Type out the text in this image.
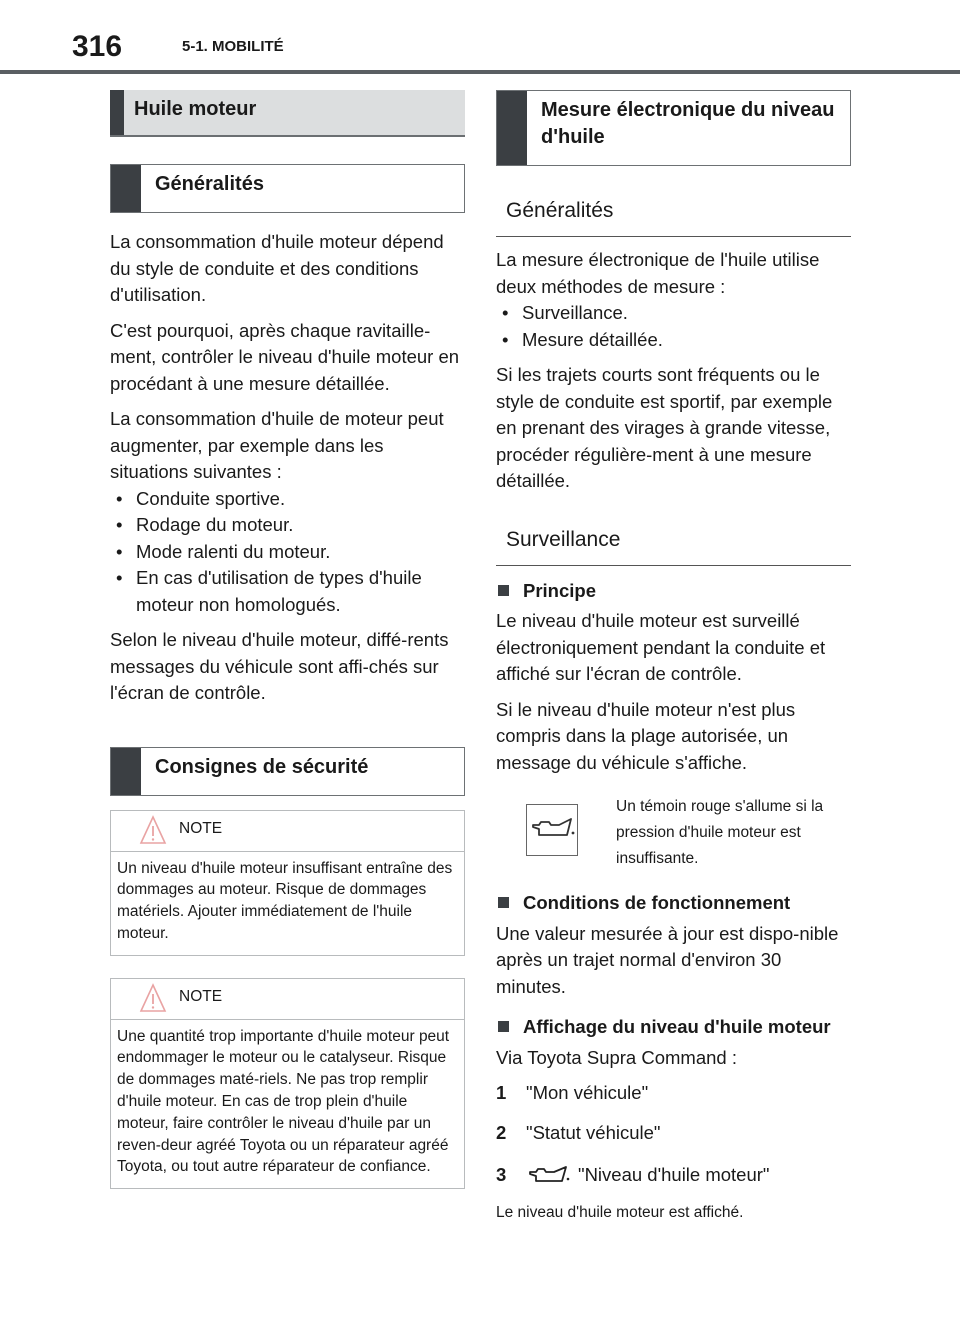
316	5-1. MOBILITÉ
Huile moteur
Généralités

La consommation d'huile moteur dépend du style de conduite et des conditions d'utilisation.

C'est pourquoi, après chaque ravitaille-ment, contrôler le niveau d'huile moteur en procédant à une mesure détaillée.

La consommation d'huile de moteur peut augmenter, par exemple dans les situations suivantes :

• Conduite sportive.
• Rodage du moteur.
• Mode ralenti du moteur.
• En cas d'utilisation de types d'huile moteur non homologués.

Selon le niveau d'huile moteur, diffé-rents messages du véhicule sont affi-chés sur l'écran de contrôle.

Consignes de sécurité
NOTE
Un niveau d'huile moteur insuffisant entraîne des dommages au moteur. Risque de dommages matériels. Ajouter immédiatement de l'huile moteur.
NOTE
Une quantité trop importante d'huile moteur peut endommager le moteur ou le catalyseur. Risque de dommages maté-riels. Ne pas trop remplir d'huile moteur. En cas de trop plein d'huile moteur, faire contrôler le niveau d'huile par un reven-deur agréé Toyota ou un réparateur agréé Toyota, ou tout autre réparateur de confiance.
Mesure électronique du niveau d'huile
Généralités

La mesure électronique de l'huile utilise deux méthodes de mesure :

• Surveillance.
• Mesure détaillée.

Si les trajets courts sont fréquents ou le style de conduite est sportif, par exemple en prenant des virages à grande vitesse, procéder régulière-ment à une mesure détaillée.

Surveillance
Principe

Le niveau d'huile moteur est surveillé électroniquement pendant la conduite et affiché sur l'écran de contrôle.

Si le niveau d'huile moteur n'est plus compris dans la plage autorisée, un message du véhicule s'affiche.

Un témoin rouge s'allume si la pression d'huile moteur est insuffisante.
Conditions de fonctionnement

Une valeur mesurée à jour est dispo-nible après un trajet normal d'environ 30 minutes.

Affichage du niveau d'huile moteur

Via Toyota Supra Command :

1	"Mon véhicule"
2	"Statut véhicule"
3	"Niveau d'huile moteur"

Le niveau d'huile moteur est affiché.
